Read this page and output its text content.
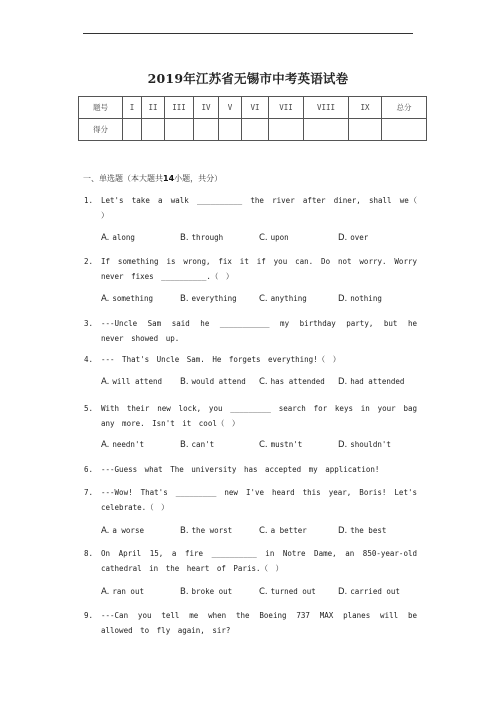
2019年江苏省无锡市中考英语试卷
题号	I	II	III	IV	V	VI	VII	VIII	IX	总分
得分										
一、单选题（本大题共14小题，共分）
1. Let's take a walk __________ the river after diner, shall we（ ）
A. along	B. through	C. upon	D. over
2. If something is wrong, fix it if you can. Do not worry. Worry never fixes __________.（ ）
A. something	B. everything	C. anything	D. nothing
3. ---Uncle Sam said he ___________ my birthday party, but he never showed up.
4. --- That's Uncle Sam. He forgets everything!（ ）
A. will attend	B. would attend	C. has attended	D. had attended
5. With their new lock, you _________ search for keys in your bag any more. Isn't it cool（ ）
A. needn't	B. can't	C. mustn't	D. shouldn't
6. ---Guess what The university has accepted my application!
7. ---Wow! That's _________ new I've heard this year, Boris! Let's celebrate.（ ）
A. a worse	B. the worst	C. a better	D. the best
8. On April 15, a fire __________ in Notre Dame, an 850-year-old cathedral in the heart of Paris.（ ）
A. ran out	B. broke out	C. turned out	D. carried out
9. ---Can you tell me when the Boeing 737 MAX planes will be allowed to fly again, sir?
